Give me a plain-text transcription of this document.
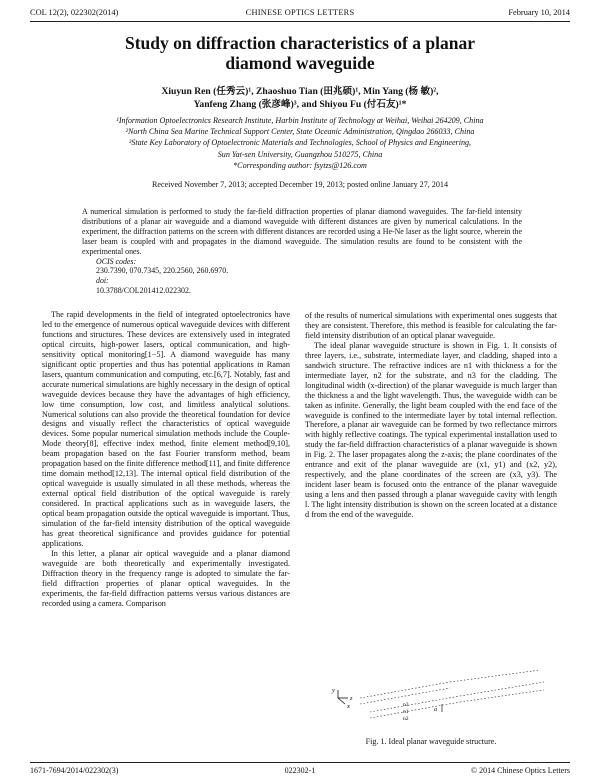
COL 12(2), 022302(2014)	CHINESE OPTICS LETTERS	February 10, 2014
Study on diffraction characteristics of a planar
diamond waveguide
Xiuyun Ren (任秀云)¹, Zhaoshuo Tian (田兆硕)¹, Min Yang (杨 敏)²,
Yanfeng Zhang (张彦峰)³, and Shiyou Fu (付石友)¹*
¹Information Optoelectronics Research Institute, Harbin Institute of Technology at Weihai, Weihai 264209, China
²North China Sea Marine Technical Support Center, State Oceanic Administration, Qingdao 266033, China
³State Key Laboratory of Optoelectronic Materials and Technologies, School of Physics and Engineering,
Sun Yat-sen University, Guangzhou 510275, China
*Corresponding author: fsytzs@126.com
Received November 7, 2013; accepted December 19, 2013; posted online January 27, 2014
A numerical simulation is performed to study the far-field diffraction properties of planar diamond waveguides. The far-field intensity distributions of a planar air waveguide and a diamond waveguide with different distances are given by numerical calculations. In the experiment, the diffraction patterns on the screen with different distances are recorded using a He-Ne laser as the light source, wherein the laser beam is coupled with and propagates in the diamond waveguide. The simulation results are found to be consistent with the experimental ones.
OCIS codes:
230.7390, 070.7345, 220.2560, 260.6970.
doi:
10.3788/COL201412.022302.

The rapid developments in the field of integrated optoelectronics have led to the emergence of numerous optical waveguide devices with different functions and structures. These devices are extensively used in integrated optical circuits, high-power lasers, optical communication, and high-sensitivity optical monitoring[1−5]. A diamond waveguide has many significant optic properties and thus has potential applications in Raman lasers, quantum communication and computing, etc.[6,7]. Notably, fast and accurate numerical simulations are highly necessary in the design of optical waveguide devices because they have the advantages of high efficiency, low time consumption, low cost, and limitless analytical solutions. Numerical solutions can also provide the theoretical foundation for device designs and visually reflect the characteristics of optical waveguide devices. Some popular numerical simulation methods include the Couple-Mode theory[8], effective index method, finite element method[9,10], beam propagation based on the fast Fourier transform method, beam propagation based on the finite difference method[11], and finite difference time domain method[12,13]. The internal optical field distribution of the optical waveguide is usually simulated in all these methods, whereas the external optical field distribution of the optical waveguide is rarely considered. In practical applications such as in waveguide lasers, the optical beam propagation outside the optical waveguide is important. Thus, simulation of the far-field intensity distribution of the optical waveguide has great theoretical significance and provides guidance for potential applications.

In this letter, a planar air optical waveguide and a planar diamond waveguide are both theoretically and experimentally investigated. Diffraction theory in the frequency range is adopted to simulate the far-field diffraction properties of planar optical waveguides. In the experiments, the far-field diffraction patterns versus various distances are recorded using a camera. Comparison

of the results of numerical simulations with experimental ones suggests that they are consistent. Therefore, this method is feasible for calculating the far-field intensity distribution of an optical planar waveguide.

The ideal planar waveguide structure is shown in Fig. 1. It consists of three layers, i.e., substrate, intermediate layer, and cladding, shaped into a sandwich structure. The refractive indices are n1 with thickness a for the intermediate layer, n2 for the substrate, and n3 for the cladding. The longitudinal width (x-direction) of the planar waveguide is much larger than the thickness a and the light wavelength. Thus, the waveguide width can be taken as infinite. Generally, the light beam coupled with the end face of the waveguide is confined to the intermediate layer by total internal reflection. Therefore, a planar air waveguide can be formed by two reflectance mirrors with highly reflective coatings. The typical experimental installation used to study the far-field diffraction characteristics of a planar waveguide is shown in Fig. 2. The laser propagates along the z-axis; the plane coordinates of the entrance and exit of the planar waveguide are (x1, y1) and (x2, y2), respectively, and the plane coordinates of the screen are (x3, y3). The incident laser beam is focused onto the entrance of the planar waveguide using a lens and then passed through a planar waveguide cavity with length l. The light intensity distribution is shown on the screen located at a distance d from the end of the waveguide.

y
z
x	n3
n1
n2
a
Fig. 1. Ideal planar waveguide structure.
1671-7694/2014/022302(3)	022302-1	© 2014 Chinese Optics Letters
